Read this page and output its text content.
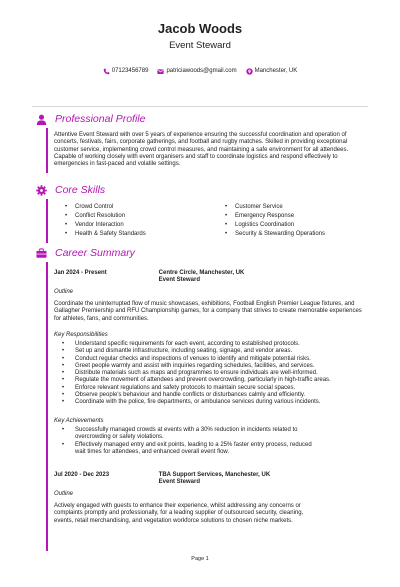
Jacob Woods
Event Steward
07123456789	patriciawoods@gmail.com	Manchester, UK
Professional Profile
Attentive Event Steward with over 5 years of experience ensuring the successful coordination and operation of concerts, festivals, fairs, corporate gatherings, and football and rugby matches. Skilled in providing exceptional customer service, implementing crowd control measures, and maintaining a safe environment for all attendees. Capable of working closely with event organisers and staff to coordinate logistics and respond effectively to emergencies in fast-paced and volatile settings.
Core Skills
• Crowd Control	• Customer Service
• Conflict Resolution	• Emergency Response
• Vendor Interaction	• Logistics Coordination
• Health & Safety Standards	• Security & Stewarding Operations
Career Summary
Jan 2024 - Present	Centre Circle, Manchester, UK
Event Steward
Outline
Coordinate the uninterrupted flow of music showcases, exhibitions, Football English Premier League fixtures, and Gallagher Premiership and RFU Championship games, for a company that strives to create memorable experiences for athletes, fans, and communities.
Key Responsibilities
• Understand specific requirements for each event, according to established protocols.
• Set up and dismantle infrastructure, including seating, signage, and vendor areas.
• Conduct regular checks and inspections of venues to identify and mitigate potential risks.
• Greet people warmly and assist with inquiries regarding schedules, facilities, and services.
• Distribute materials such as maps and programmes to ensure individuals are well-informed.
• Regulate the movement of attendees and prevent overcrowding, particularly in high-traffic areas.
• Enforce relevant regulations and safety protocols to maintain secure social spaces.
• Observe people's behaviour and handle conflicts or disturbances calmly and efficiently.
• Coordinate with the police, fire departments, or ambulance services during various incidents.
Key Achievements
• Successfully managed crowds at events with a 30% reduction in incidents related to overcrowding or safety violations.
• Effectively managed entry and exit points, leading to a 25% faster entry process, reduced wait times for attendees, and enhanced overall event flow.
Jul 2020 - Dec 2023	TBA Support Services, Manchester, UK
Event Steward
Outline
Actively engaged with guests to enhance their experience, whilst addressing any concerns or complaints promptly and professionally, for a leading supplier of outsourced security, cleaning, events, retail merchandising, and vegetation workforce solutions to chosen niche markets.
Page 1
